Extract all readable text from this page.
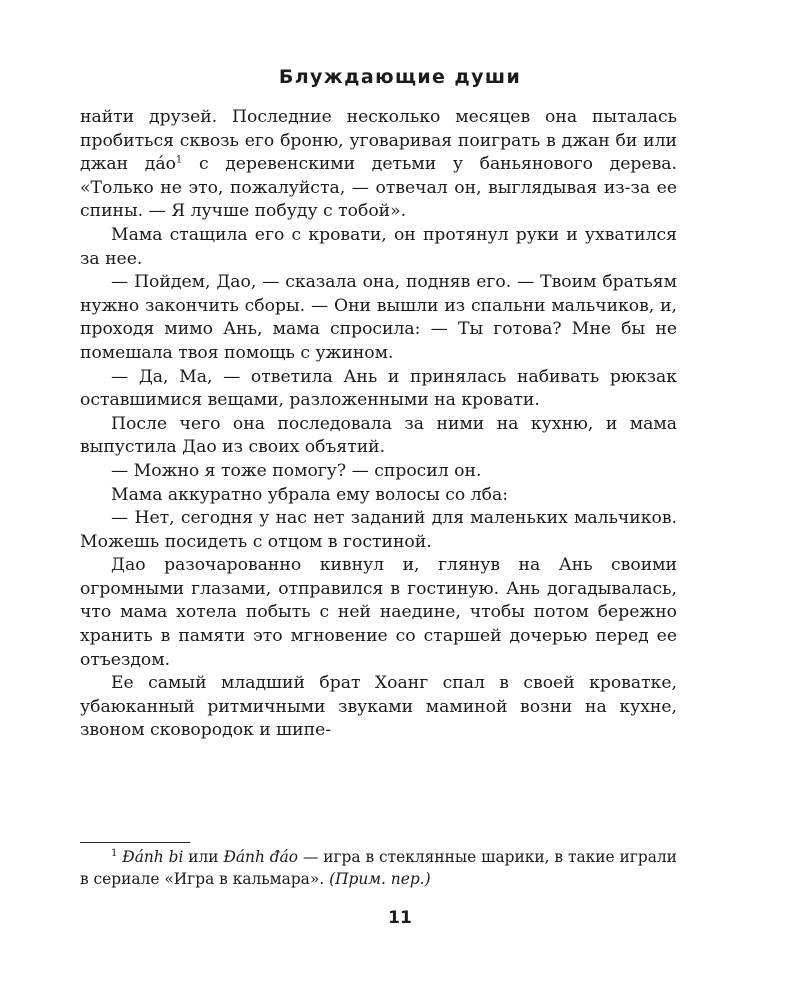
Блуждающие души

найти друзей. Последние несколько месяцев она пыталась пробиться сквозь его броню, уговаривая поиграть в джан би или джан дáо$^1$ с деревенскими детьми у баньянового дерева. «Только не это, пожалуйста, — отвечал он, выглядывая из-за ее спины. — Я лучше побуду с тобой».

Мама стащила его с кровати, он протянул руки и ухватился за нее.

— Пойдем, Дао, — сказала она, подняв его. — Твоим братьям нужно закончить сборы. — Они вышли из спальни мальчиков, и, проходя мимо Ань, мама спросила: — Ты готова? Мне бы не помешала твоя помощь с ужином.

— Да, Ма, — ответила Ань и принялась набивать рюкзак оставшимися вещами, разложенными на кровати.

После чего она последовала за ними на кухню, и мама выпустила Дао из своих объятий.

— Можно я тоже помогу? — спросил он.

Мама аккуратно убрала ему волосы со лба:

— Нет, сегодня у нас нет заданий для маленьких мальчиков. Можешь посидеть с отцом в гостиной.

Дао разочарованно кивнул и, глянув на Ань своими огромными глазами, отправился в гостиную. Ань догадывалась, что мама хотела побыть с ней наедине, чтобы потом бережно хранить в памяти это мгновение со старшей дочерью перед ее отъездом.

Ее самый младший брат Хоанг спал в своей кроватке, убаюканный ритмичными звуками маминой возни на кухне, звоном сковородок и шипе-

$^1$ Đánh bi или Đánh đáo — игра в стеклянные шарики, в такие играли в сериале «Игра в кальмара». (Прим. пер.)
11
